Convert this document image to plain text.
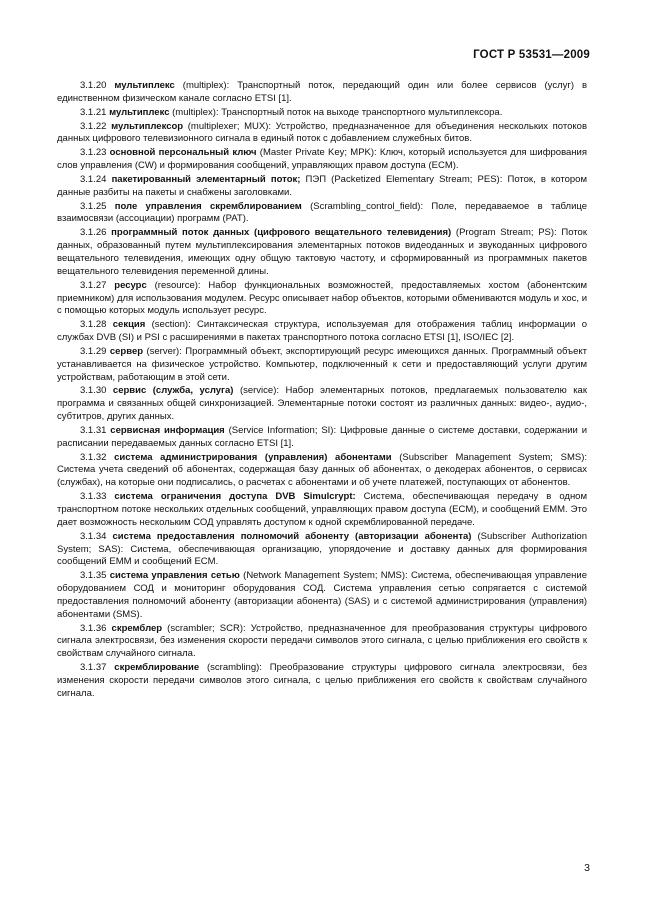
ГОСТ Р 53531—2009

3.1.20 мультиплекс (multiplex): Транспортный поток, передающий один или более сервисов (услуг) в единственном физическом канале согласно ETSI [1].

3.1.21 мультиплекс (multiplex): Транспортный поток на выходе транспортного мультиплексора.

3.1.22 мультиплексор (multiplexer; MUX): Устройство, предназначенное для объединения нескольких потоков данных цифрового телевизионного сигнала в единый поток с добавлением служебных битов.

3.1.23 основной персональный ключ (Master Private Key; MPK): Ключ, который используется для шифрования слов управления (CW) и формирования сообщений, управляющих правом доступа (ECM).

3.1.24 пакетированный элементарный поток; ПЭП (Packetized Elementary Stream; PES): Поток, в котором данные разбиты на пакеты и снабжены заголовками.

3.1.25 поле управления скремблированием (Scrambling_control_field): Поле, передаваемое в таблице взаимосвязи (ассоциации) программ (PAT).

3.1.26 программный поток данных (цифрового вещательного телевидения) (Program Stream; PS): Поток данных, образованный путем мультиплексирования элементарных потоков видеоданных и звукоданных цифрового вещательного телевидения, имеющих одну общую тактовую частоту, и сформированный из программных пакетов вещательного телевидения переменной длины.

3.1.27 ресурс (resource): Набор функциональных возможностей, предоставляемых хостом (абонентским приемником) для использования модулем. Ресурс описывает набор объектов, которыми обмениваются модуль и хос, и с помощью которых модуль использует ресурс.

3.1.28 секция (section): Синтаксическая структура, используемая для отображения таблиц информации о службах DVB (SI) и PSI с расширениями в пакетах транспортного потока согласно ETSI [1], ISO/IEC [2].

3.1.29 сервер (server): Программный объект, экспортирующий ресурс имеющихся данных. Программный объект устанавливается на физическое устройство. Компьютер, подключенный к сети и предоставляющий услуги другим устройствам, работающим в этой сети.

3.1.30 сервис (служба, услуга) (service): Набор элементарных потоков, предлагаемых пользователю как программа и связанных общей синхронизацией. Элементарные потоки состоят из различных данных: видео-, аудио-, субтитров, других данных.

3.1.31 сервисная информация (Service Information; SI): Цифровые данные о системе доставки, содержании и расписании передаваемых данных согласно ETSI [1].

3.1.32 система администрирования (управления) абонентами (Subscriber Management System; SMS): Система учета сведений об абонентах, содержащая базу данных об абонентах, о декодерах абонентов, о сервисах (службах), на которые они подписались, о расчетах с абонентами и об учете платежей, поступающих от абонентов.

3.1.33 система ограничения доступа DVB Simulcrypt: Система, обеспечивающая передачу в одном транспортном потоке нескольких отдельных сообщений, управляющих правом доступа (ECM), и сообщений EMM. Это дает возможность нескольким СОД управлять доступом к одной скремблированной передаче.

3.1.34 система предоставления полномочий абоненту (авторизации абонента) (Subscriber Authorization System; SAS): Система, обеспечивающая организацию, упорядочение и доставку данных для формирования сообщений EMM и сообщений ECM.

3.1.35 система управления сетью (Network Management System; NMS): Система, обеспечивающая управление оборудованием СОД и мониторинг оборудования СОД. Система управления сетью сопрягается с системой предоставления полномочий абоненту (авторизации абонента) (SAS) и с системой администрирования (управления) абонентами (SMS).

3.1.36 скремблер (scrambler; SCR): Устройство, предназначенное для преобразования структуры цифрового сигнала электросвязи, без изменения скорости передачи символов этого сигнала, с целью приближения его свойств к свойствам случайного сигнала.

3.1.37 скремблирование (scrambling): Преобразование структуры цифрового сигнала электросвязи, без изменения скорости передачи символов этого сигнала, с целью приближения его свойств к свойствам случайного сигнала.

3
